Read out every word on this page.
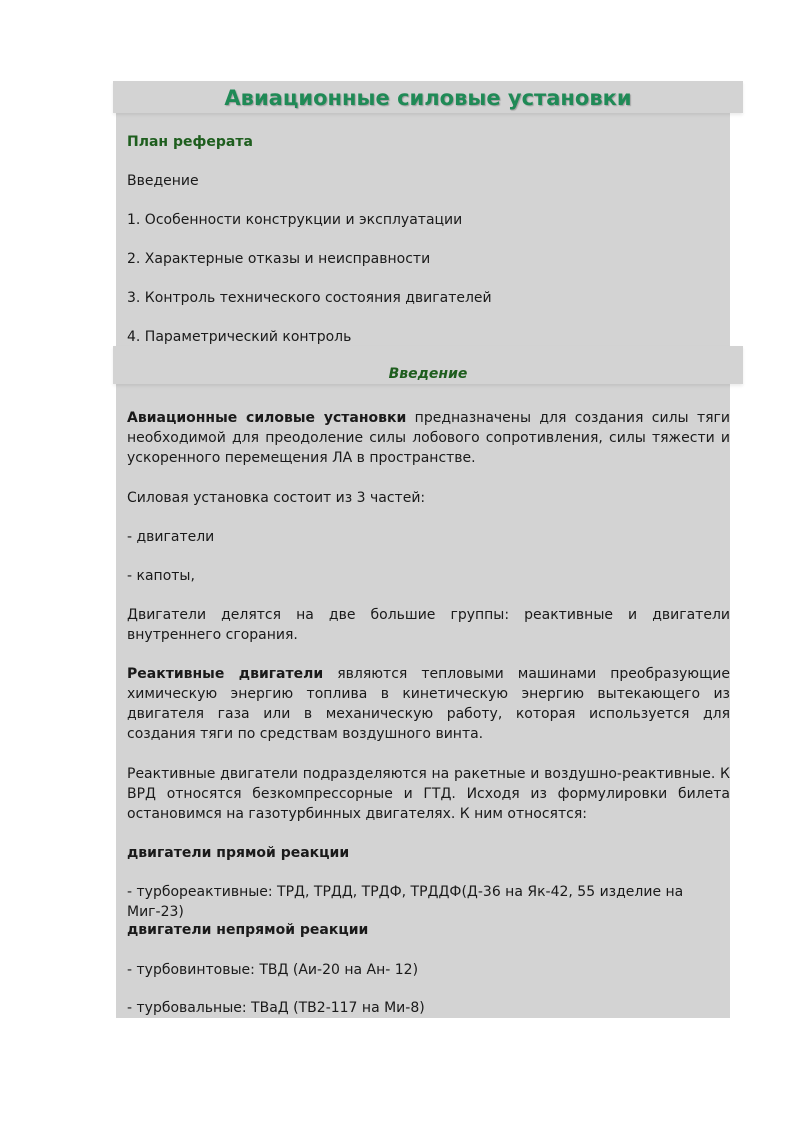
Авиационные силовые установки

План реферата

Введение

1. Особенности конструкции и эксплуатации

2. Характерные отказы и неисправности

3. Контроль технического состояния двигателей

4. Параметрический контроль

Введение

Авиационные силовые установки предназначены для создания силы тяги необходимой для преодоление силы лобового сопротивления, силы тяжести и ускоренного перемещения ЛА в пространстве.

Силовая установка состоит из 3 частей:

- двигатели

- капоты,

Двигатели делятся на две большие группы: реактивные и двигатели внутреннего сгорания.

Реактивные двигатели являются тепловыми машинами преобразующие химическую энергию топлива в кинетическую энергию вытекающего из двигателя газа или в механическую работу, которая используется для создания тяги по средствам воздушного винта.

Реактивные двигатели подразделяются на ракетные и воздушно-реактивные. К ВРД относятся безкомпрессорные и ГТД. Исходя из формулировки билета остановимся на газотурбинных двигателях. К ним относятся:

двигатели прямой реакции

- турбореактивные: ТРД, ТРДД, ТРДФ, ТРДДФ(Д-36 на Як-42, 55 изделие на Миг-23)

двигатели непрямой реакции

- турбовинтовые: ТВД (Аи-20 на Ан- 12)

- турбовальные: ТВаД (ТВ2-117 на Ми-8)
